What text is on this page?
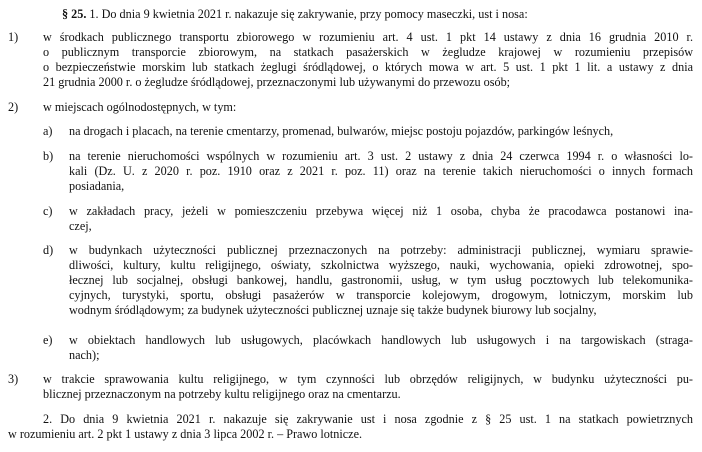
§ 25. 1. Do dnia 9 kwietnia 2021 r. nakazuje się zakrywanie, przy pomocy maseczki, ust i nosa:
1) w środkach publicznego transportu zbiorowego w rozumieniu art. 4 ust. 1 pkt 14 ustawy z dnia 16 grudnia 2010 r.
o publicznym transporcie zbiorowym, na statkach pasażerskich w żegludze krajowej w rozumieniu przepisów
o bezpieczeństwie morskim lub statkach żeglugi śródlądowej, o których mowa w art. 5 ust. 1 pkt 1 lit. a ustawy z dnia
21 grudnia 2000 r. o żegludze śródlądowej, przeznaczonymi lub używanymi do przewozu osób;
2) w miejscach ogólnodostępnych, w tym:
a) na drogach i placach, na terenie cmentarzy, promenad, bulwarów, miejsc postoju pojazdów, parkingów leśnych,
b) na terenie nieruchomości wspólnych w rozumieniu art. 3 ust. 2 ustawy z dnia 24 czerwca 1994 r. o własności lo-
kali (Dz. U. z 2020 r. poz. 1910 oraz z 2021 r. poz. 11) oraz na terenie takich nieruchomości o innych formach
posiadania,
c) w zakładach pracy, jeżeli w pomieszczeniu przebywa więcej niż 1 osoba, chyba że pracodawca postanowi ina-
czej,
d) w budynkach użyteczności publicznej przeznaczonych na potrzeby: administracji publicznej, wymiaru sprawie-
dliwości, kultury, kultu religijnego, oświaty, szkolnictwa wyższego, nauki, wychowania, opieki zdrowotnej, spo-
łecznej lub socjalnej, obsługi bankowej, handlu, gastronomii, usług, w tym usług pocztowych lub telekomunika-
cyjnych, turystyki, sportu, obsługi pasażerów w transporcie kolejowym, drogowym, lotniczym, morskim lub
wodnym śródlądowym; za budynek użyteczności publicznej uznaje się także budynek biurowy lub socjalny,
e) w obiektach handlowych lub usługowych, placówkach handlowych lub usługowych i na targowiskach (straga-
nach);
3) w trakcie sprawowania kultu religijnego, w tym czynności lub obrzędów religijnych, w budynku użyteczności pu-
blicznej przeznaczonym na potrzeby kultu religijnego oraz na cmentarzu.
2. Do dnia 9 kwietnia 2021 r. nakazuje się zakrywanie ust i nosa zgodnie z § 25 ust. 1 na statkach powietrznych
w rozumieniu art. 2 pkt 1 ustawy z dnia 3 lipca 2002 r. – Prawo lotnicze.
